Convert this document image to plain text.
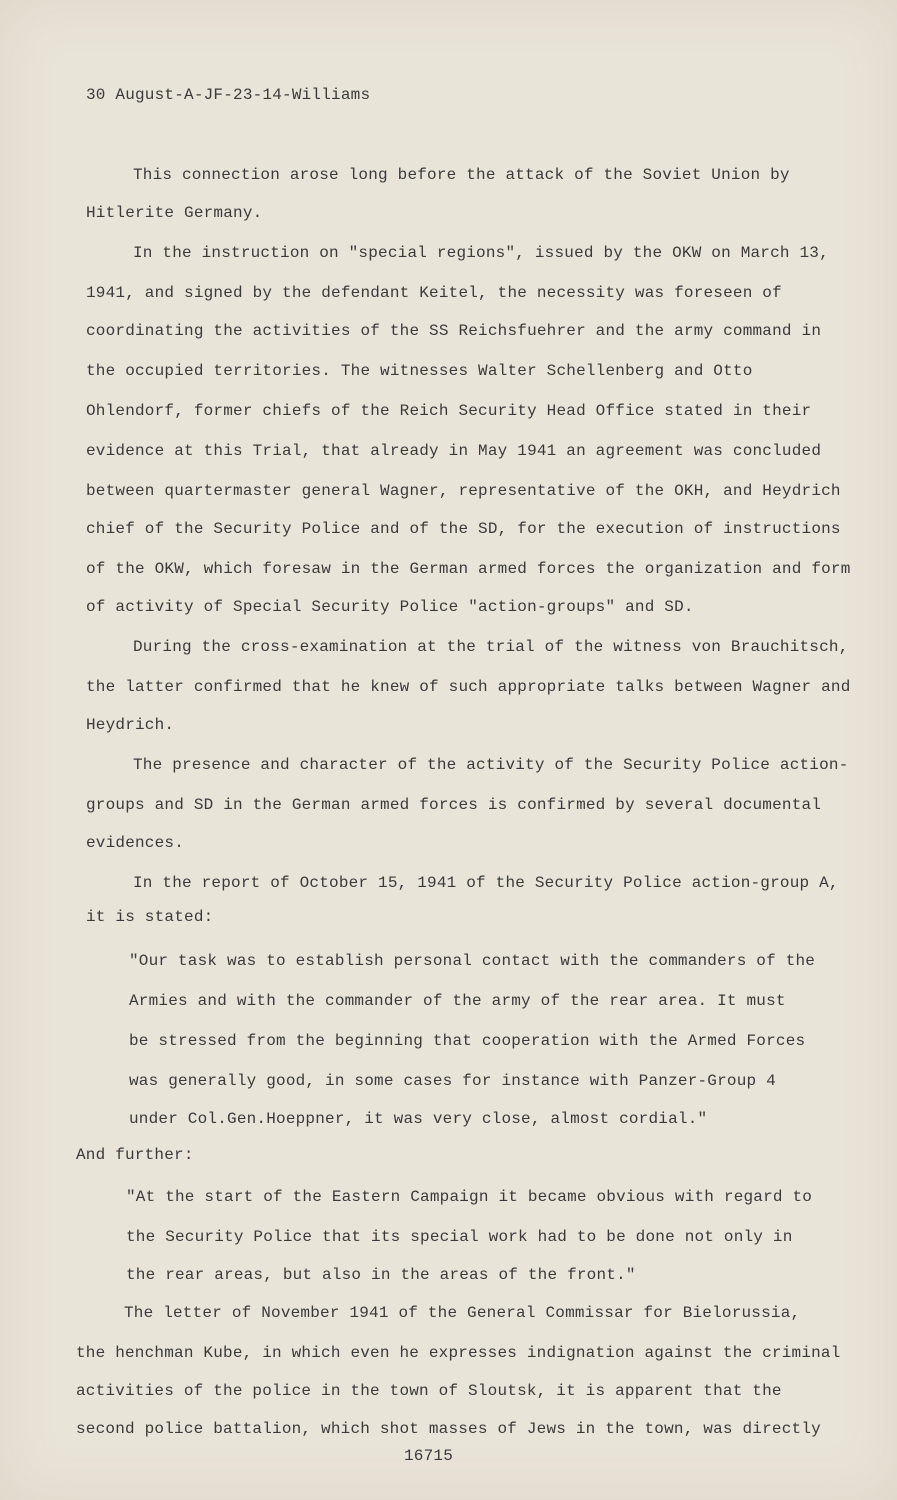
30 August-A-JF-23-14-Williams

This connection arose long before the attack of the Soviet Union by

Hitlerite Germany.

In the instruction on "special regions", issued by the OKW on March 13,

1941, and signed by the defendant Keitel, the necessity was foreseen of

coordinating the activities of the SS Reichsfuehrer and the army command in

the occupied territories. The witnesses Walter Schellenberg and Otto

Ohlendorf, former chiefs of the Reich Security Head Office stated in their

evidence at this Trial, that already in May 1941 an agreement was concluded

between quartermaster general Wagner, representative of the OKH, and Heydrich

chief of the Security Police and of the SD, for the execution of instructions

of the OKW, which foresaw in the German armed forces the organization and form

of activity of Special Security Police "action-groups" and SD.

During the cross-examination at the trial of the witness von Brauchitsch,

the latter confirmed that he knew of such appropriate talks between Wagner and

Heydrich.

The presence and character of the activity of the Security Police action-

groups and SD in the German armed forces is confirmed by several documental

evidences.

In the report of October 15, 1941 of the Security Police action-group A,

it is stated:

"Our task was to establish personal contact with the commanders of the

Armies and with the commander of the army of the rear area. It must

be stressed from the beginning that cooperation with the Armed Forces

was generally good, in some cases for instance with Panzer-Group 4

under Col.Gen.Hoeppner, it was very close, almost cordial."

And further:

"At the start of the Eastern Campaign it became obvious with regard to

the Security Police that its special work had to be done not only in

the rear areas, but also in the areas of the front."

The letter of November 1941 of the General Commissar for Bielorussia,

the henchman Kube, in which even he expresses indignation against the criminal

activities of the police in the town of Sloutsk, it is apparent that the

second police battalion, which shot masses of Jews in the town, was directly

16715
